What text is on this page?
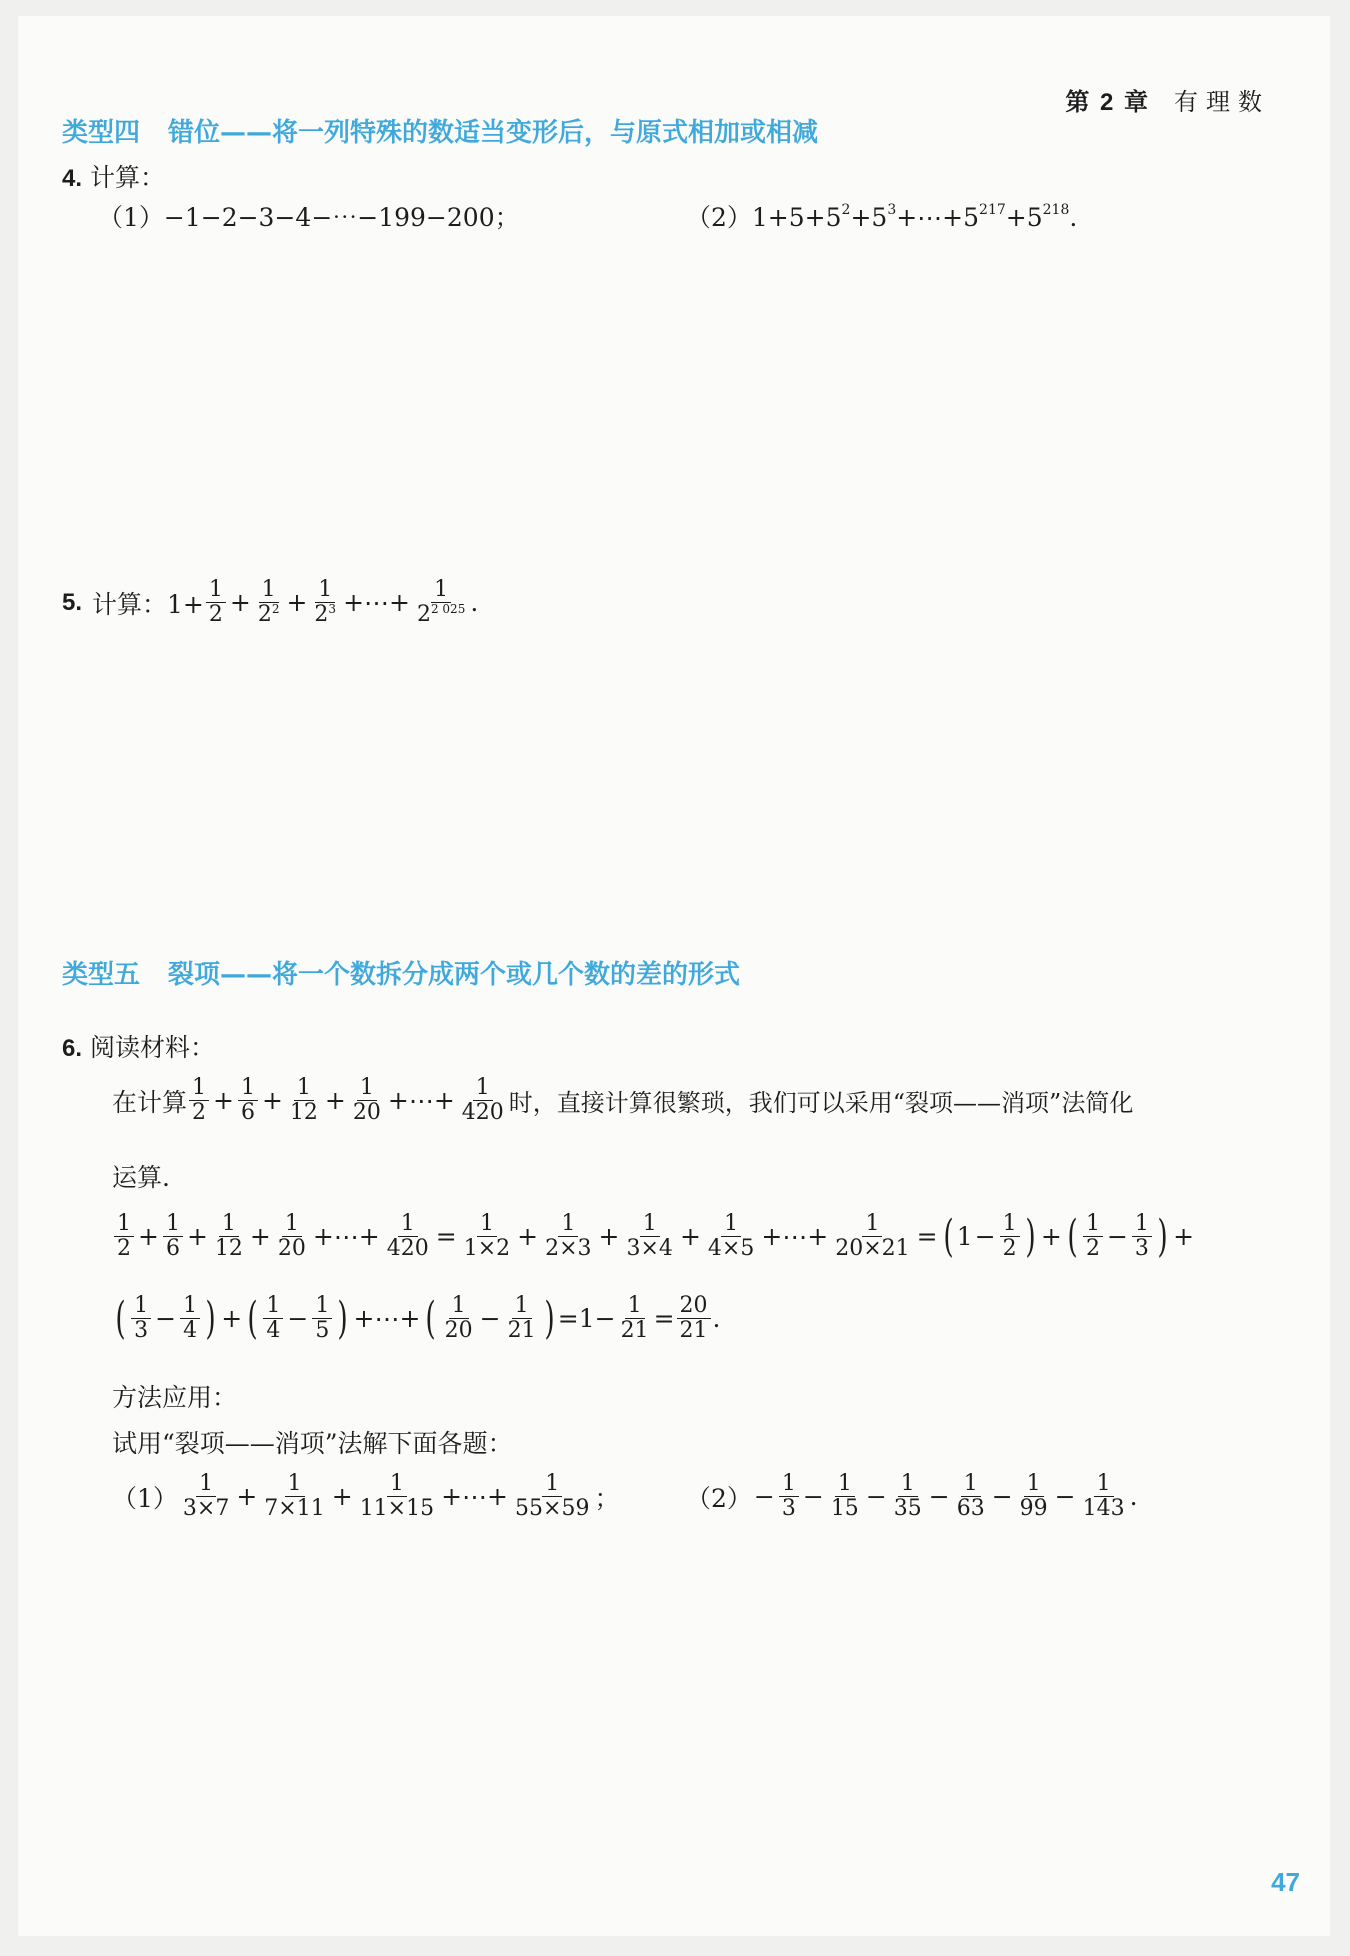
第 2 章 有理数
类型四 错位——将一列特殊的数适当变形后，与原式相加或相减
4. 计算：
（1）−1−2−3−4−⋯−199−200；	$(2)1+5+5^2+5^3+\cdots+5^{217}+5^{218}$.
5. 计算：$1+ \frac{1}{2} + \frac{1}{2^2} + \frac{1}{2^3}$ +⋯+ $\frac{1}{2^{2 025}}$ .
类型五 裂项——将一个数拆分成两个或几个数的差的形式
6. 阅读材料：
在计算 $\frac{1}{2} + \frac{1}{6} + \frac{1}{12} + \frac{1}{20}$ +⋯+ $\frac{1}{420}$ 时，直接计算很繁琐，我们可以采用“裂项——消项”法简化
运算.
1
$2 + \frac{1}{6} + \frac{1}{12} + \frac{1}{20}$ +⋯+ $\frac{1}{420} = \frac{1}{1\times 2} + \frac{1}{2\times 3} + \frac{1}{3\times 4} + \frac{1}{4\times 5}$ +⋯+ $\frac{1}{20\times 21}$ = ( $1 - \frac{1}{2}$ ) + ( 1
$2 - \frac{1}{3}$ ) +
( 1
$3 - \frac{1}{4}$ ) + ( 1
$4 - \frac{1}{5}$ ) +⋯+ ( 1
$20 - \frac{1}{21}$ ) $=1- \frac{1}{21} = \frac{20}{21}$ .
方法应用：
试用“裂项——消项”法解下面各题：
（1）
1
$3\times 7 + \frac{1}{7\times 11} + \frac{1}{11\times 15}$ +⋯+ $\frac{1}{55\times 59}$ ；	$(2) - \frac{1}{3} - \frac{1}{15} - \frac{1}{35} - \frac{1}{63} - \frac{1}{99} - \frac{1}{143}$ .
47
